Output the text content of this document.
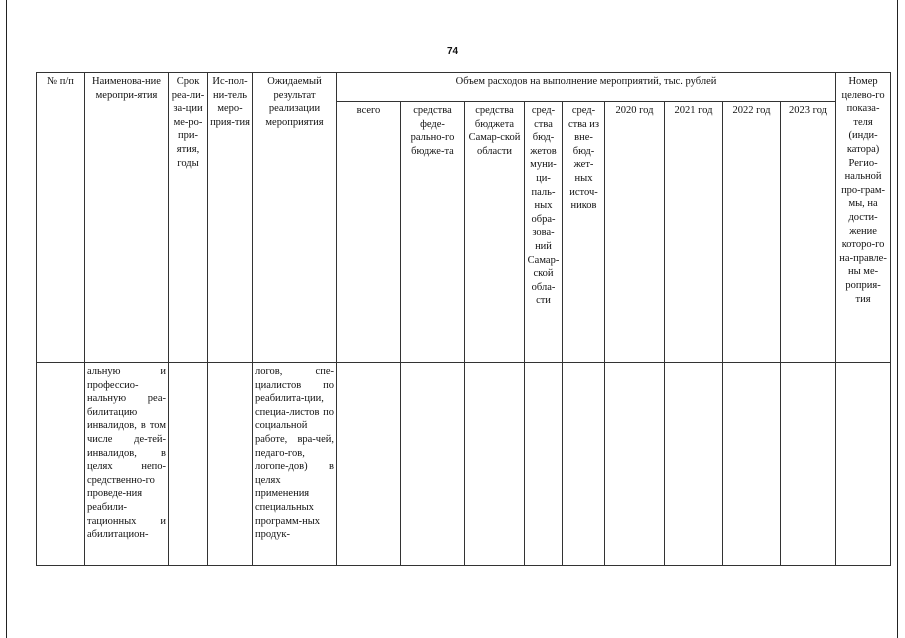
74
№ п/п	Наименова-ние меропри-ятия	Срок реа-ли-за-ции ме-ро-при-ятия, годы	Ис-пол-ни-тель меро-прия-тия	Ожидаемый результат реализации мероприятия	Объем расходов на выполнение мероприятий, тыс. рублей									Номер целево-го показа-теля (инди-катора) Регио-нальной про-грам-мы, на дости-жение которо-го на-правле-ны ме-роприя-тия
					всего	средства феде-рально-го бюдже-та	средства бюджета Самар-ской области	сред-ства бюд-жетов муни-ци-паль-ных обра-зова-ний Самар-ской обла-сти	сред-ства из вне-бюд-жет-ных источ-ников	2020 год	2021 год	2022 год	2023 год	
	альную и профессио-нальную реа-билитацию инвалидов, в том числе де-тей-инвалидов, в целях непо-средственно-го проведе-ния реабили-тационных и абилитацион-			логов, спе-циалистов по реабилита-ции, специа-листов по социальной работе, вра-чей, педаго-гов, логопе-дов) в целях применения специальных программ-ных продук-										
